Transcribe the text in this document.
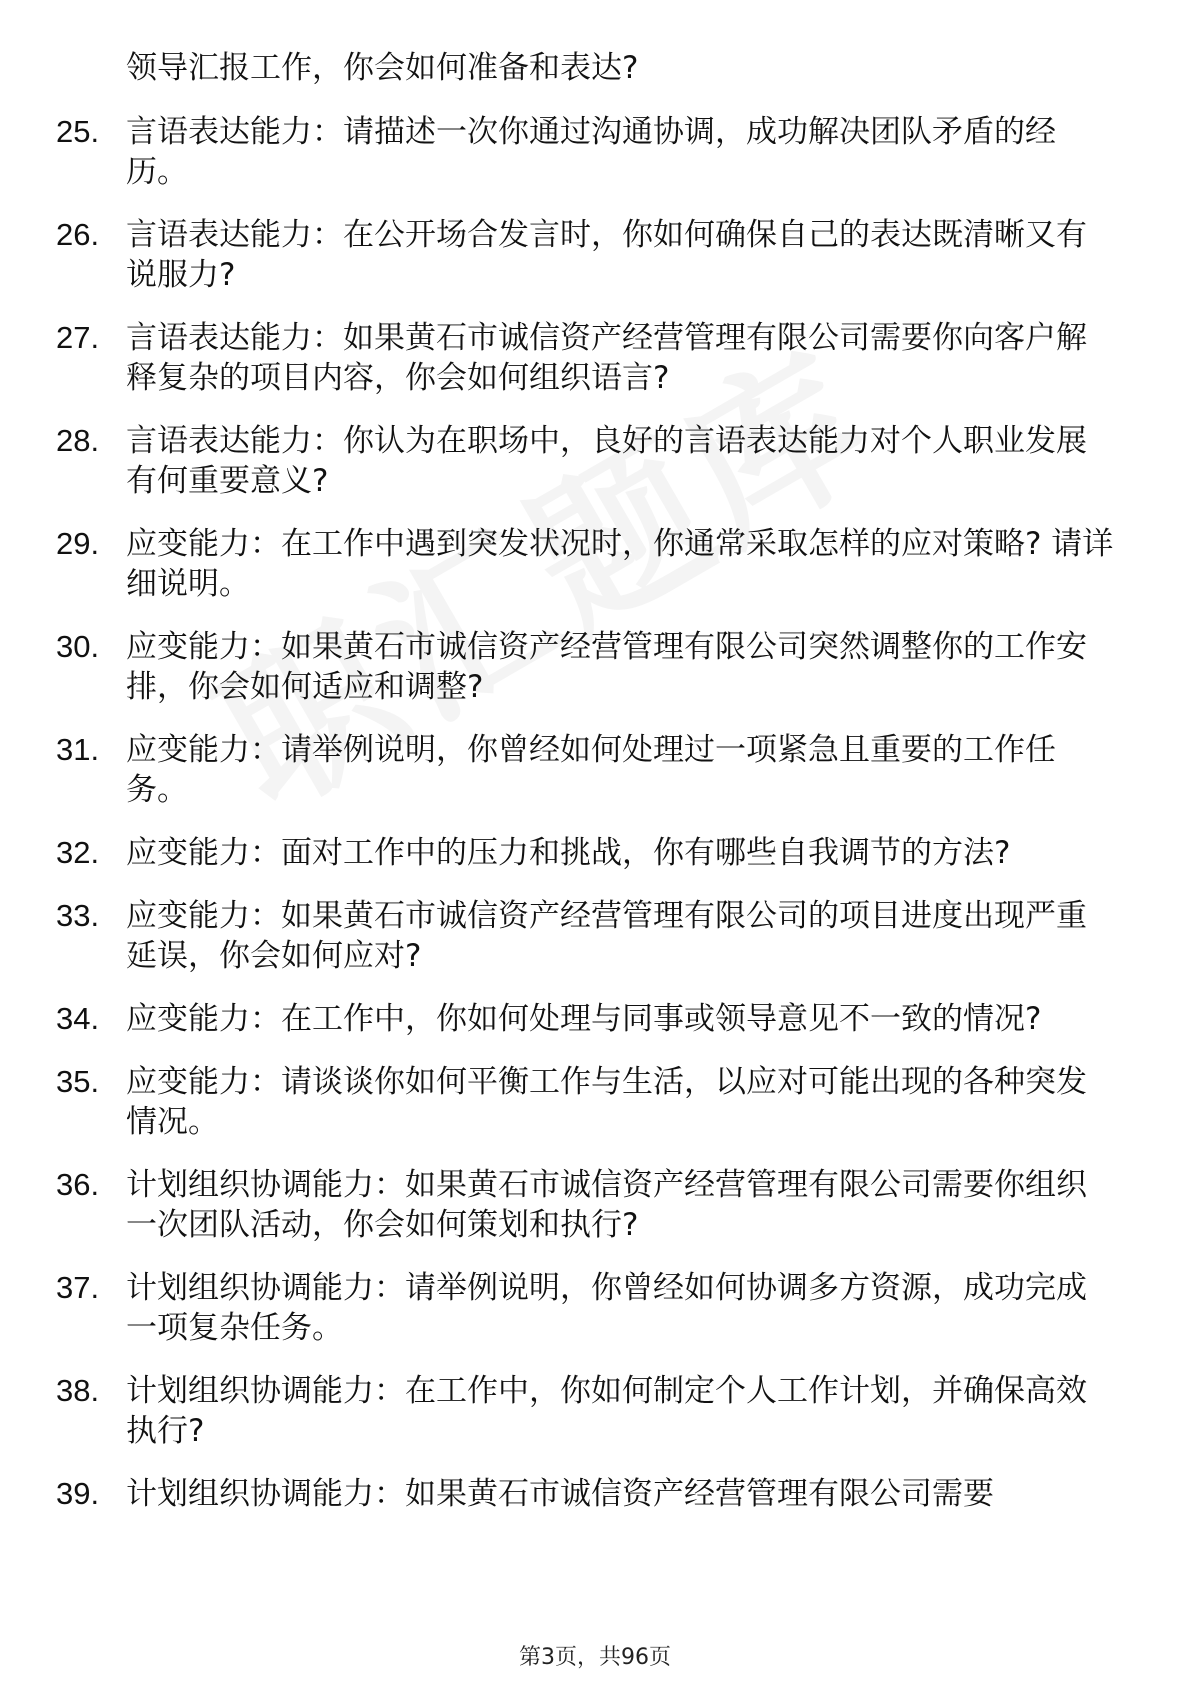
领导汇报工作，你会如何准备和表达?
25. 言语表达能力：请描述一次你通过沟通协调，成功解决团队矛盾的经历。
26. 言语表达能力：在公开场合发言时，你如何确保自己的表达既清晰又有说服力?
27. 言语表达能力：如果黄石市诚信资产经营管理有限公司需要你向客户解释复杂的项目内容，你会如何组织语言?
28. 言语表达能力：你认为在职场中，良好的言语表达能力对个人职业发展有何重要意义?
29. 应变能力：在工作中遇到突发状况时，你通常采取怎样的应对策略? 请详细说明。
30. 应变能力：如果黄石市诚信资产经营管理有限公司突然调整你的工作安排，你会如何适应和调整?
31. 应变能力：请举例说明，你曾经如何处理过一项紧急且重要的工作任务。
32. 应变能力：面对工作中的压力和挑战，你有哪些自我调节的方法?
33. 应变能力：如果黄石市诚信资产经营管理有限公司的项目进度出现严重延误，你会如何应对?
34. 应变能力：在工作中，你如何处理与同事或领导意见不一致的情况?
35. 应变能力：请谈谈你如何平衡工作与生活，以应对可能出现的各种突发情况。
36. 计划组织协调能力：如果黄石市诚信资产经营管理有限公司需要你组织一次团队活动，你会如何策划和执行?
37. 计划组织协调能力：请举例说明，你曾经如何协调多方资源，成功完成一项复杂任务。
38. 计划组织协调能力：在工作中，你如何制定个人工作计划，并确保高效执行?
39. 计划组织协调能力：如果黄石市诚信资产经营管理有限公司需要
第3页，共96页
